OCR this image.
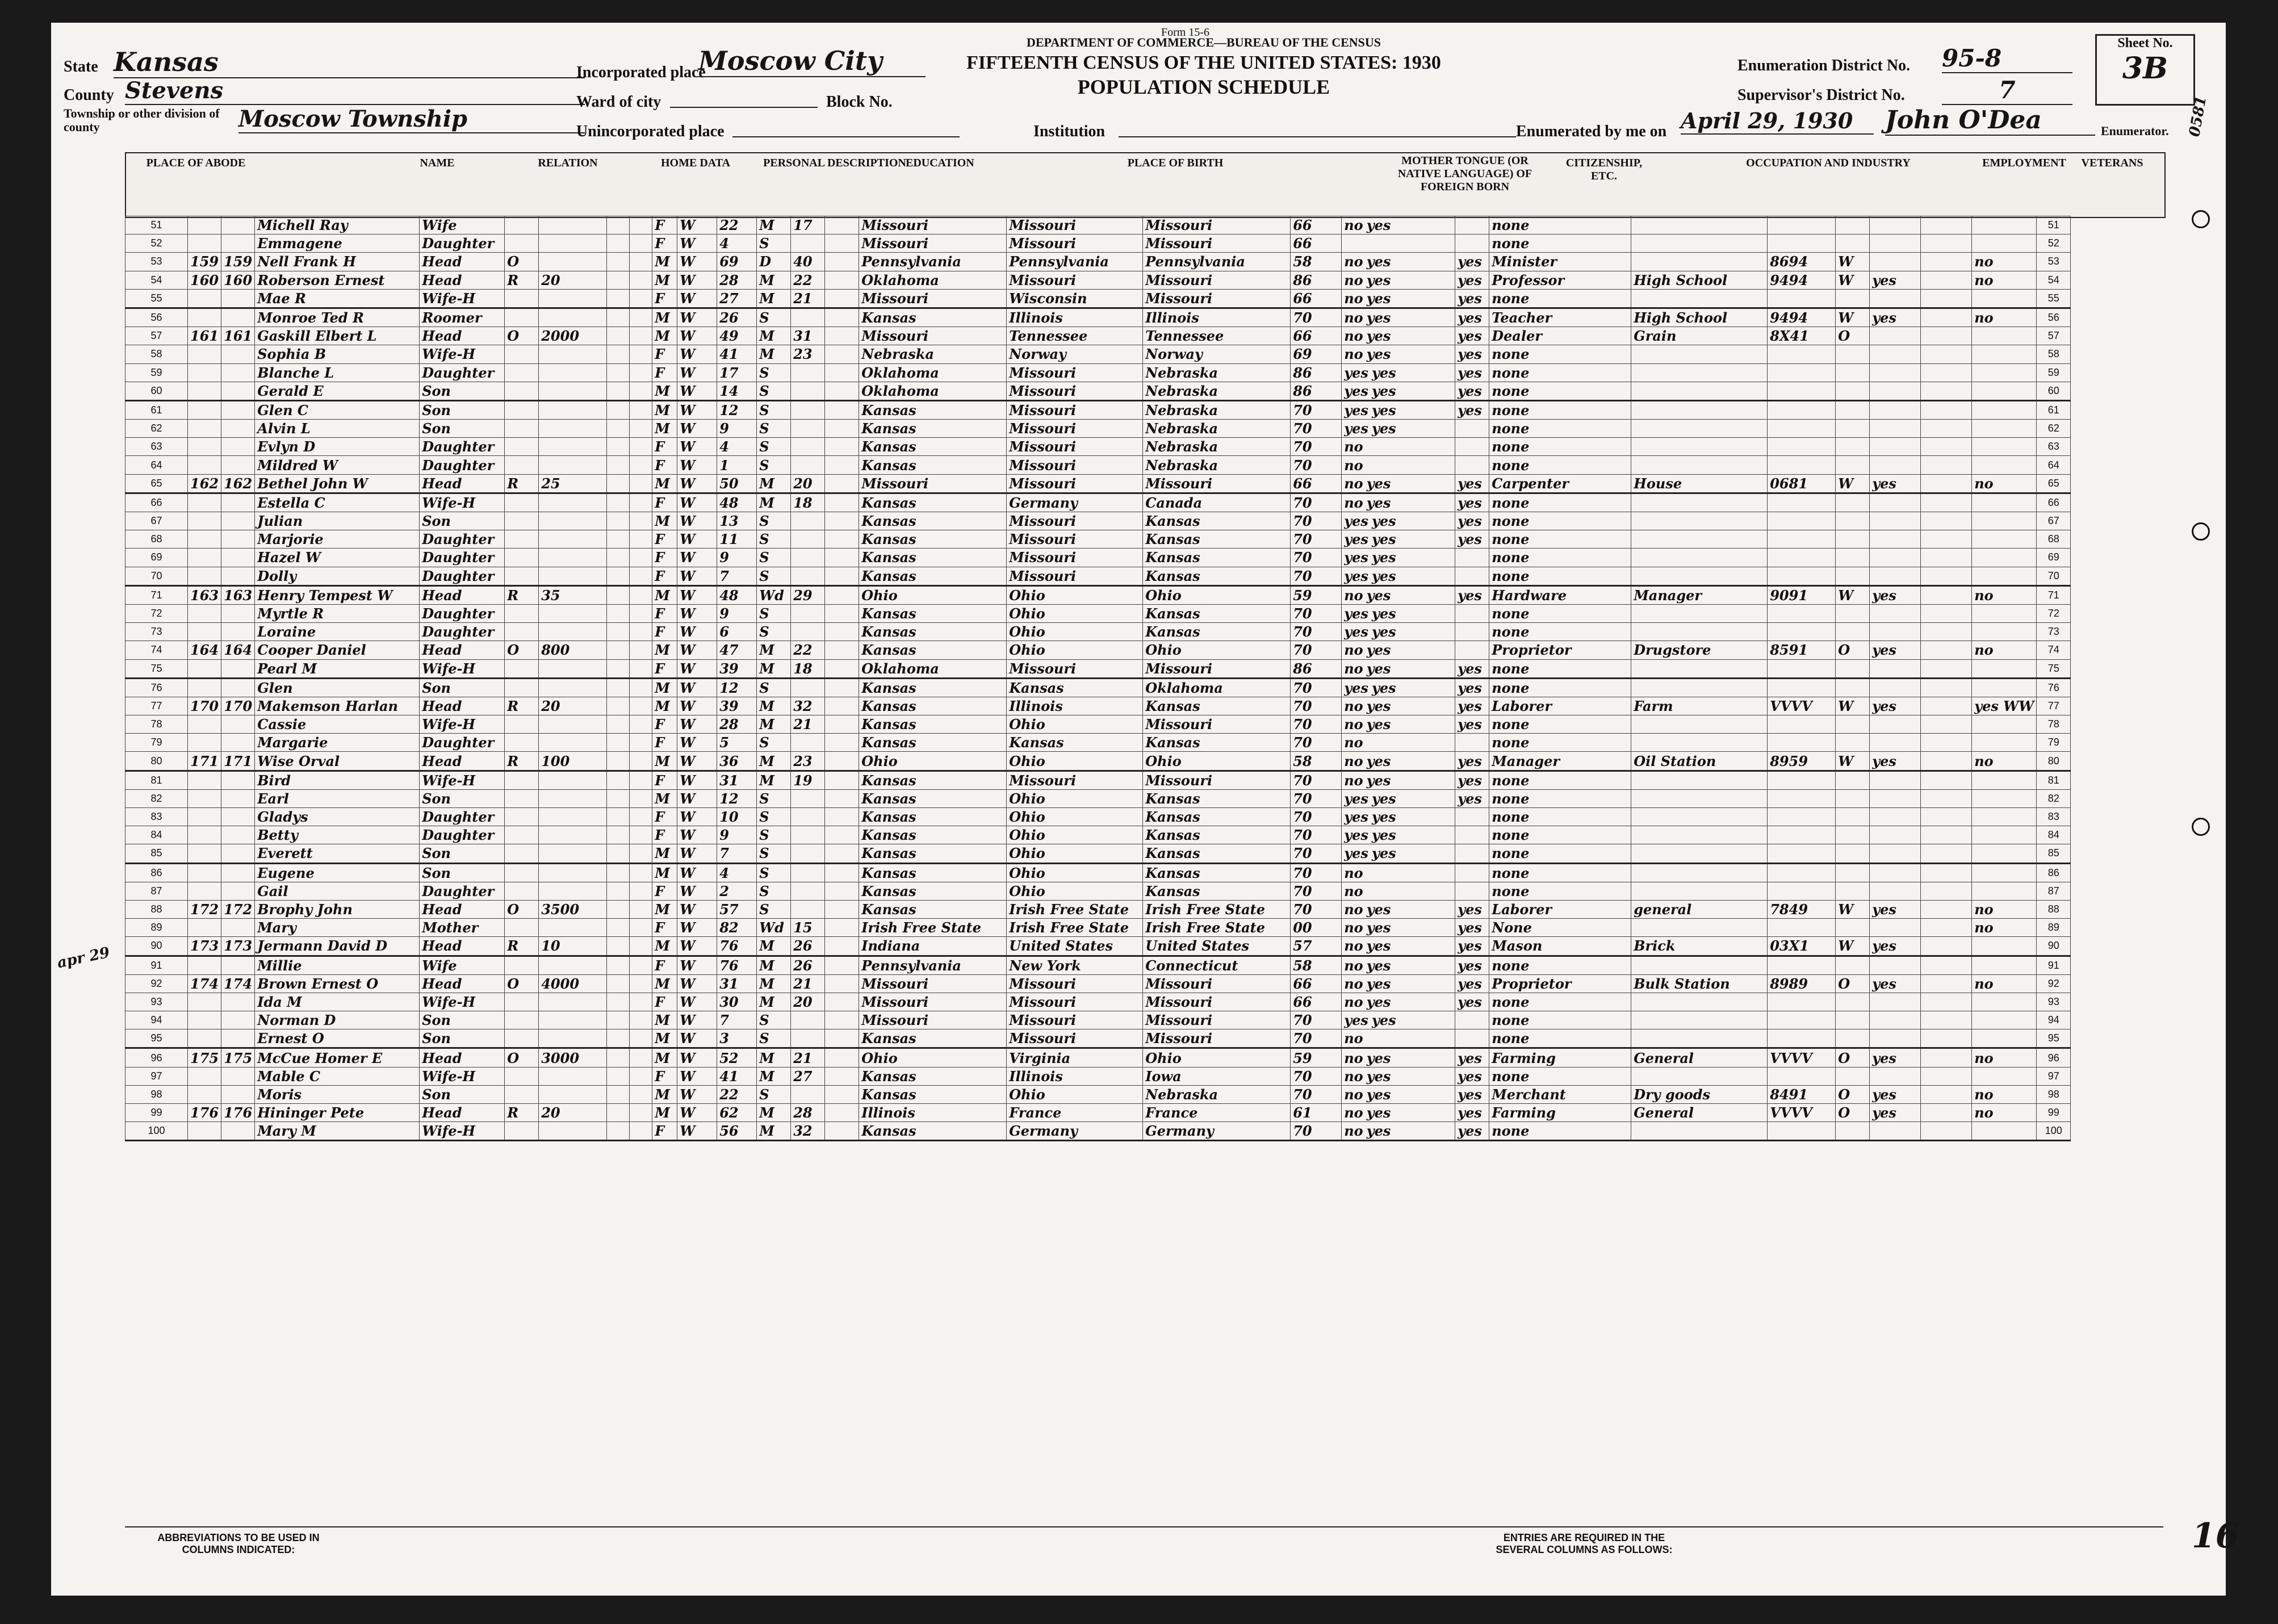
Form 15-6
DEPARTMENT OF COMMERCE—BUREAU OF THE CENSUS
FIFTEENTH CENSUS OF THE UNITED STATES: 1930
POPULATION SCHEDULE
State Kansas
County Stevens
Township or other division of county	Moscow Township
Incorporated place
Moscow City
Ward of city	Block No.
Unincorporated place	Institution
Enumeration District No. 95-8
Supervisor's District No.	7
Sheet No.
3B
Enumerated by me on April 29, 1930	John O'Dea	Enumerator. 0581
PLACE OF ABODE	NAME	RELATION	HOME DATA	PERSONAL DESCRIPTION EDUCATION	PLACE OF BIRTH	MOTHER TONGUE (OR NATIVE LANGUAGE) OF FOREIGN BORN
CITIZENSHIP, ETC.
OCCUPATION AND INDUSTRY	EMPLOYMENT	VETERANS
51			Michell Ray	Wife					F	W	22	M	17		Missouri	Missouri	Missouri	66	no yes		none							51
52			Emmagene	Daughter					F	W	4	S			Missouri	Missouri	Missouri	66			none							52
53	159	159	Nell Frank H	Head	O				M	W	69	D	40		Pennsylvania	Pennsylvania	Pennsylvania	58	no yes	yes	Minister		8694	W			no	53
54	160	160	Roberson Ernest	Head	R	20			M	W	28	M	22		Oklahoma	Missouri	Missouri	86	no yes	yes	Professor	High School	9494	W	yes		no	54
55			Mae R	Wife-H					F	W	27	M	21		Missouri	Wisconsin	Missouri	66	no yes	yes	none							55
56			Monroe Ted R	Roomer					M	W	26	S			Kansas	Illinois	Illinois	70	no yes	yes	Teacher	High School	9494	W	yes		no	56
57	161	161	Gaskill Elbert L	Head	O	2000			M	W	49	M	31		Missouri	Tennessee	Tennessee	66	no yes	yes	Dealer	Grain	8X41	O				57
58			Sophia B	Wife-H					F	W	41	M	23		Nebraska	Norway	Norway	69	no yes	yes	none							58
59			Blanche L	Daughter					F	W	17	S			Oklahoma	Missouri	Nebraska	86	yes yes	yes	none							59
60			Gerald E	Son					M	W	14	S			Oklahoma	Missouri	Nebraska	86	yes yes	yes	none							60
61			Glen C	Son					M	W	12	S			Kansas	Missouri	Nebraska	70	yes yes	yes	none							61
62			Alvin L	Son					M	W	9	S			Kansas	Missouri	Nebraska	70	yes yes		none							62
63			Evlyn D	Daughter					F	W	4	S			Kansas	Missouri	Nebraska	70	no		none							63
64			Mildred W	Daughter					F	W	1	S			Kansas	Missouri	Nebraska	70	no		none							64
65	162	162	Bethel John W	Head	R	25			M	W	50	M	20		Missouri	Missouri	Missouri	66	no yes	yes	Carpenter	House	0681	W	yes		no	65
66			Estella C	Wife-H					F	W	48	M	18		Kansas	Germany	Canada	70	no yes	yes	none							66
67			Julian	Son					M	W	13	S			Kansas	Missouri	Kansas	70	yes yes	yes	none							67
68			Marjorie	Daughter					F	W	11	S			Kansas	Missouri	Kansas	70	yes yes	yes	none							68
69			Hazel W	Daughter					F	W	9	S			Kansas	Missouri	Kansas	70	yes yes		none							69
70			Dolly	Daughter					F	W	7	S			Kansas	Missouri	Kansas	70	yes yes		none							70
71	163	163	Henry Tempest W	Head	R	35			M	W	48	Wd	29		Ohio	Ohio	Ohio	59	no yes	yes	Hardware	Manager	9091	W	yes		no	71
72			Myrtle R	Daughter					F	W	9	S			Kansas	Ohio	Kansas	70	yes yes		none							72
73			Loraine	Daughter					F	W	6	S			Kansas	Ohio	Kansas	70	yes yes		none							73
74	164	164	Cooper Daniel	Head	O	800			M	W	47	M	22		Kansas	Ohio	Ohio	70	no yes		Proprietor	Drugstore	8591	O	yes		no	74
75			Pearl M	Wife-H					F	W	39	M	18		Oklahoma	Missouri	Missouri	86	no yes	yes	none							75
76			Glen	Son					M	W	12	S			Kansas	Kansas	Oklahoma	70	yes yes	yes	none							76
77	170	170	Makemson Harlan	Head	R	20			M	W	39	M	32		Kansas	Illinois	Kansas	70	no yes	yes	Laborer	Farm	VVVV	W	yes		yes WW	77
78			Cassie	Wife-H					F	W	28	M	21		Kansas	Ohio	Missouri	70	no yes	yes	none							78
79			Margarie	Daughter					F	W	5	S			Kansas	Kansas	Kansas	70	no		none							79
80	171	171	Wise Orval	Head	R	100			M	W	36	M	23		Ohio	Ohio	Ohio	58	no yes	yes	Manager	Oil Station	8959	W	yes		no	80
81			Bird	Wife-H					F	W	31	M	19		Kansas	Missouri	Missouri	70	no yes	yes	none							81
82			Earl	Son					M	W	12	S			Kansas	Ohio	Kansas	70	yes yes	yes	none							82
83			Gladys	Daughter					F	W	10	S			Kansas	Ohio	Kansas	70	yes yes		none							83
84			Betty	Daughter					F	W	9	S			Kansas	Ohio	Kansas	70	yes yes		none							84
85			Everett	Son					M	W	7	S			Kansas	Ohio	Kansas	70	yes yes		none							85
86			Eugene	Son					M	W	4	S			Kansas	Ohio	Kansas	70	no		none							86
87			Gail	Daughter					F	W	2	S			Kansas	Ohio	Kansas	70	no		none							87
88	172	172	Brophy John	Head	O	3500			M	W	57	S			Kansas	Irish Free State	Irish Free State	70	no yes	yes	Laborer	general	7849	W	yes		no	88
89			Mary	Mother					F	W	82	Wd	15		Irish Free State	Irish Free State	Irish Free State	00	no yes	yes	None						no	89
90	173	173	Jermann David D	Head	R	10			M	W	76	M	26		Indiana	United States	United States	57	no yes	yes	Mason	Brick	03X1	W	yes			90
91			Millie	Wife					F	W	76	M	26		Pennsylvania	New York	Connecticut	58	no yes	yes	none							91
92	174	174	Brown Ernest O	Head	O	4000			M	W	31	M	21		Missouri	Missouri	Missouri	66	no yes	yes	Proprietor	Bulk Station	8989	O	yes		no	92
93			Ida M	Wife-H					F	W	30	M	20		Missouri	Missouri	Missouri	66	no yes	yes	none							93
94			Norman D	Son					M	W	7	S			Missouri	Missouri	Missouri	70	yes yes		none							94
95			Ernest O	Son					M	W	3	S			Kansas	Missouri	Missouri	70	no		none							95
96	175	175	McCue Homer E	Head	O	3000			M	W	52	M	21		Ohio	Virginia	Ohio	59	no yes	yes	Farming	General	VVVV	O	yes		no	96
97			Mable C	Wife-H					F	W	41	M	27		Kansas	Illinois	Iowa	70	no yes	yes	none							97
98			Moris	Son					M	W	22	S			Kansas	Ohio	Nebraska	70	no yes	yes	Merchant	Dry goods	8491	O	yes		no	98
99	176	176	Hininger Pete	Head	R	20			M	W	62	M	28		Illinois	France	France	61	no yes	yes	Farming	General	VVVV	O	yes		no	99
100			Mary M	Wife-H					F	W	56	M	32		Kansas	Germany	Germany	70	no yes	yes	none							100
apr 29
ABBREVIATIONS TO BE USED IN COLUMNS INDICATED:
ENTRIES ARE REQUIRED IN THE SEVERAL COLUMNS AS FOLLOWS:	16
